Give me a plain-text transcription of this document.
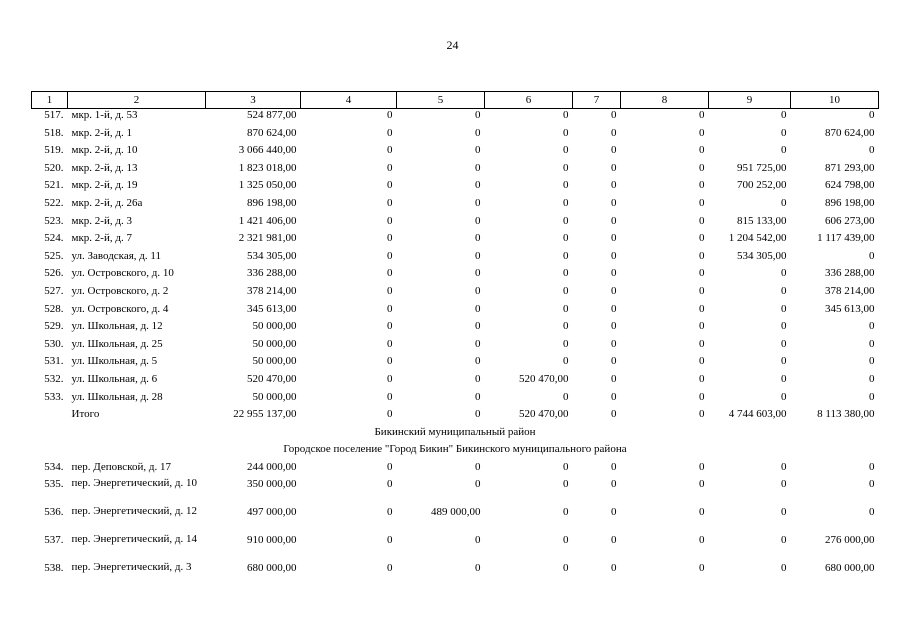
24
1	2	3	4	5	6	7	8	9	10
517.	мкр. 1-й, д. 53	524 877,00	0	0	0	0	0	0	0
518.	мкр. 2-й, д. 1	870 624,00	0	0	0	0	0	0	870 624,00
519.	мкр. 2-й, д. 10	3 066 440,00	0	0	0	0	0	0	0
520.	мкр. 2-й, д. 13	1 823 018,00	0	0	0	0	0	951 725,00	871 293,00
521.	мкр. 2-й, д. 19	1 325 050,00	0	0	0	0	0	700 252,00	624 798,00
522.	мкр. 2-й, д. 26а	896 198,00	0	0	0	0	0	0	896 198,00
523.	мкр. 2-й, д. 3	1 421 406,00	0	0	0	0	0	815 133,00	606 273,00
524.	мкр. 2-й, д. 7	2 321 981,00	0	0	0	0	0	1 204 542,00	1 117 439,00
525.	ул. Заводская, д. 11	534 305,00	0	0	0	0	0	534 305,00	0
526.	ул. Островского, д. 10	336 288,00	0	0	0	0	0	0	336 288,00
527.	ул. Островского, д. 2	378 214,00	0	0	0	0	0	0	378 214,00
528.	ул. Островского, д. 4	345 613,00	0	0	0	0	0	0	345 613,00
529.	ул. Школьная, д. 12	50 000,00	0	0	0	0	0	0	0
530.	ул. Школьная, д. 25	50 000,00	0	0	0	0	0	0	0
531.	ул. Школьная, д. 5	50 000,00	0	0	0	0	0	0	0
532.	ул. Школьная, д. 6	520 470,00	0	0	520 470,00	0	0	0	0
533.	ул. Школьная, д. 28	50 000,00	0	0	0	0	0	0	0
	Итого	22 955 137,00	0	0	520 470,00	0	0	4 744 603,00	8 113 380,00
Бикинский муниципальный район									
Городское поселение "Город Бикин" Бикинского муниципального района									
534.	пер. Деповской, д. 17	244 000,00	0	0	0	0	0	0	0
535.	пер. Энергетический, д. 10	350 000,00	0	0	0	0	0	0	0
536.	пер. Энергетический, д. 12	497 000,00	0	489 000,00	0	0	0	0	0
537.	пер. Энергетический, д. 14	910 000,00	0	0	0	0	0	0	276 000,00
538.	пер. Энергетический, д. 3	680 000,00	0	0	0	0	0	0	680 000,00
